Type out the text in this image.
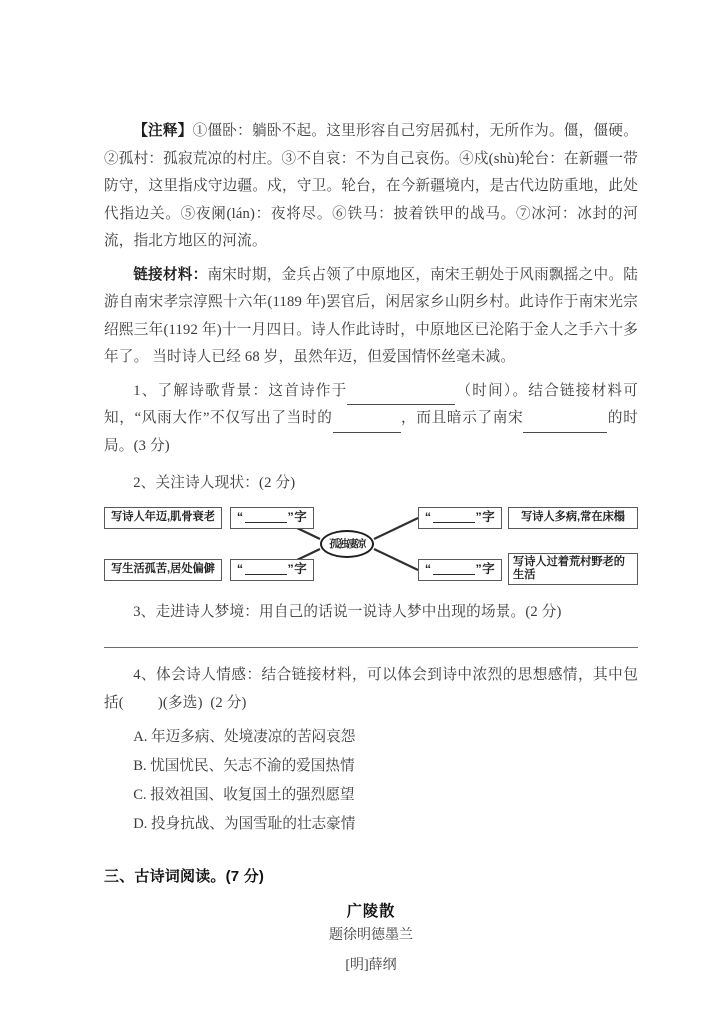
【注释】①僵卧：躺卧不起。这里形容自己穷居孤村，无所作为。僵，僵硬。②孤村：孤寂荒凉的村庄。③不自哀：不为自己哀伤。④戍(shù)轮台：在新疆一带防守，这里指戍守边疆。戍，守卫。轮台，在今新疆境内，是古代边防重地，此处代指边关。⑤夜阑(lán)：夜将尽。⑥铁马：披着铁甲的战马。⑦冰河：冰封的河流，指北方地区的河流。

链接材料：南宋时期，金兵占领了中原地区，南宋王朝处于风雨飘摇之中。陆游自南宋孝宗淳熙十六年(1189 年)罢官后，闲居家乡山阴乡村。此诗作于南宋光宗绍熙三年(1192 年)十一月四日。诗人作此诗时，中原地区已沦陷于金人之手六十多年了。 当时诗人已经 68 岁，虽然年迈，但爱国情怀丝毫未减。

1、了解诗歌背景：这首诗作于	（时间）。结合链接材料可知，“风雨大作”不仅写出了当时的	，而且暗示了南宋	的时局。(3 分)

2、关注诗人现状：(2 分)

写诗人年迈,肌骨衰老
写生活孤苦,居处偏僻
“	” 字
“	” 字
孤独凄凉
“	” 字
“	” 字
写诗人多病,常在床榻
写诗人过着荒村野老的生活

3、走进诗人梦境：用自己的话说一说诗人梦中出现的场景。(2 分)

4、体会诗人情感：结合链接材料，可以体会到诗中浓烈的思想感情，其中包括( )(多选) (2 分)

A. 年迈多病、处境凄凉的苦闷哀怨

B. 忧国忧民、矢志不渝的爱国热情

C. 报效祖国、收复国土的强烈愿望

D. 投身抗战、为国雪耻的壮志豪情

三、古诗词阅读。(7 分)

广陵散

题徐明德墨兰

[明]薛纲
